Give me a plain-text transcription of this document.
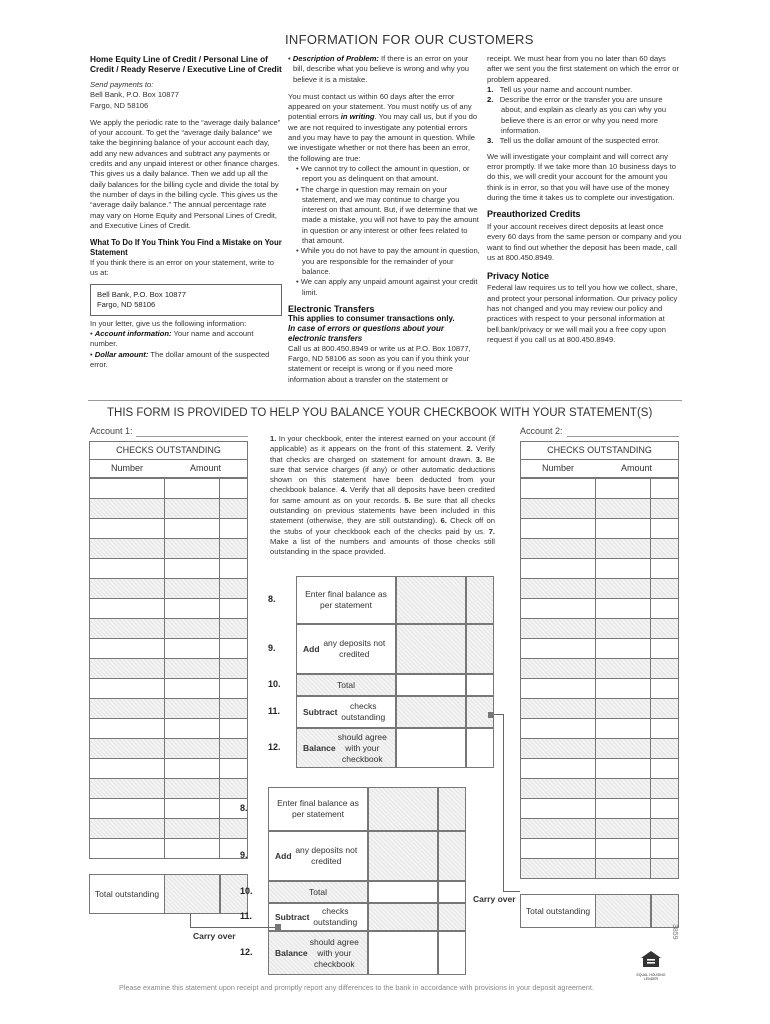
INFORMATION FOR OUR CUSTOMERS
Home Equity Line of Credit / Personal Line of Credit / Ready Reserve / Executive Line of Credit
Send payments to:
Bell Bank, P.O. Box 10877
Fargo, ND 58106
We apply the periodic rate to the “average daily balance” of your account. To get the “average daily balance” we take the beginning balance of your account each day, add any new advances and subtract any payments or credits and any unpaid interest or other finance charges. This gives us a daily balance. Then we add up all the daily balances for the billing cycle and divide the total by the number of days in the billing cycle. This gives us the “average daily balance.” The annual percentage rate may vary on Home Equity and Personal Lines of Credit, and Executive Lines of Credit.
What To Do If You Think You Find a Mistake on Your Statement
If you think there is an error on your statement, write to us at:
Bell Bank, P.O. Box 10877
Fargo, ND 58106
In your letter, give us the following information:
• Account information: Your name and account number.
• Dollar amount: The dollar amount of the suspected error.
• Description of Problem: If there is an error on your bill, describe what you believe is wrong and why you believe it is a mistake.
You must contact us within 60 days after the error appeared on your statement. You must notify us of any potential errors in writing. You may call us, but if you do we are not required to investigate any potential errors and you may have to pay the amount in question. While we investigate whether or not there has been an error, the following are true:
• We cannot try to collect the amount in question, or report you as delinquent on that amount.
• The charge in question may remain on your statement, and we may continue to charge you interest on that amount. But, if we determine that we made a mistake, you will not have to pay the amount in question or any interest or other fees related to that amount.
• While you do not have to pay the amount in question, you are responsible for the remainder of your balance.
• We can apply any unpaid amount against your credit limit.
Electronic Transfers
This applies to consumer transactions only.
In case of errors or questions about your electronic transfers
Call us at 800.450.8949 or write us at P.O. Box 10877, Fargo, ND 58106 as soon as you can if you think your statement or receipt is wrong or if you need more information about a transfer on the statement or
receipt. We must hear from you no later than 60 days after we sent you the first statement on which the error or problem appeared.
1. Tell us your name and account number.
2. Describe the error or the transfer you are unsure about, and explain as clearly as you can why you believe there is an error or why you need more information.
3. Tell us the dollar amount of the suspected error.
We will investigate your complaint and will correct any error promptly. If we take more than 10 business days to do this, we will credit your account for the amount you think is in error, so that you will have use of the money during the time it takes us to complete our investigation.
Preauthorized Credits
If your account receives direct deposits at least once every 60 days from the same person or company and you want to find out whether the deposit has been made, call us at 800.450.8949.
Privacy Notice
Federal law requires us to tell you how we collect, share, and protect your personal information. Our privacy policy has not changed and you may review our policy and practices with respect to your personal information at bell.bank/privacy or we will mail you a free copy upon request if you call us at 800.450.8949.
THIS FORM IS PROVIDED TO HELP YOU BALANCE YOUR CHECKBOOK WITH YOUR STATEMENT(S)
Account 1:	Account 2:
CHECKS OUTSTANDING
Number	Amount

Total outstanding
CHECKS OUTSTANDING
Number	Amount

Total outstanding
1. In your checkbook, enter the interest earned on your account (if applicable) as it appears on the front of this statement. 2. Verify that checks are charged on statement for amount drawn. 3. Be sure that service charges (if any) or other automatic deductions shown on this statement have been deducted from your checkbook balance. 4. Verify that all deposits have been credited for same amount as on your records. 5. Be sure that all checks outstanding on previous statements have been included in this statement (otherwise, they are still outstanding). 6. Check off on the stubs of your checkbook each of the checks paid by us. 7. Make a list of the numbers and amounts of those checks still outstanding in the space provided.
8.	Enter final balance as per statement
9.	Add
any deposits not credited
10.	Total
11.	Subtract
checks outstanding
12.	Balance
should agree with your checkbook
8.	Enter final balance as per statement
9.	Add
any deposits not credited
10.	Total
11.	Subtract
checks outstanding
12.	Balance
should agree with your checkbook
Carry over
Carry over	3859
EQUAL HOUSING LENDER
Please examine this statement upon receipt and promptly report any differences to the bank in accordance with provisions in your deposit agreement.
